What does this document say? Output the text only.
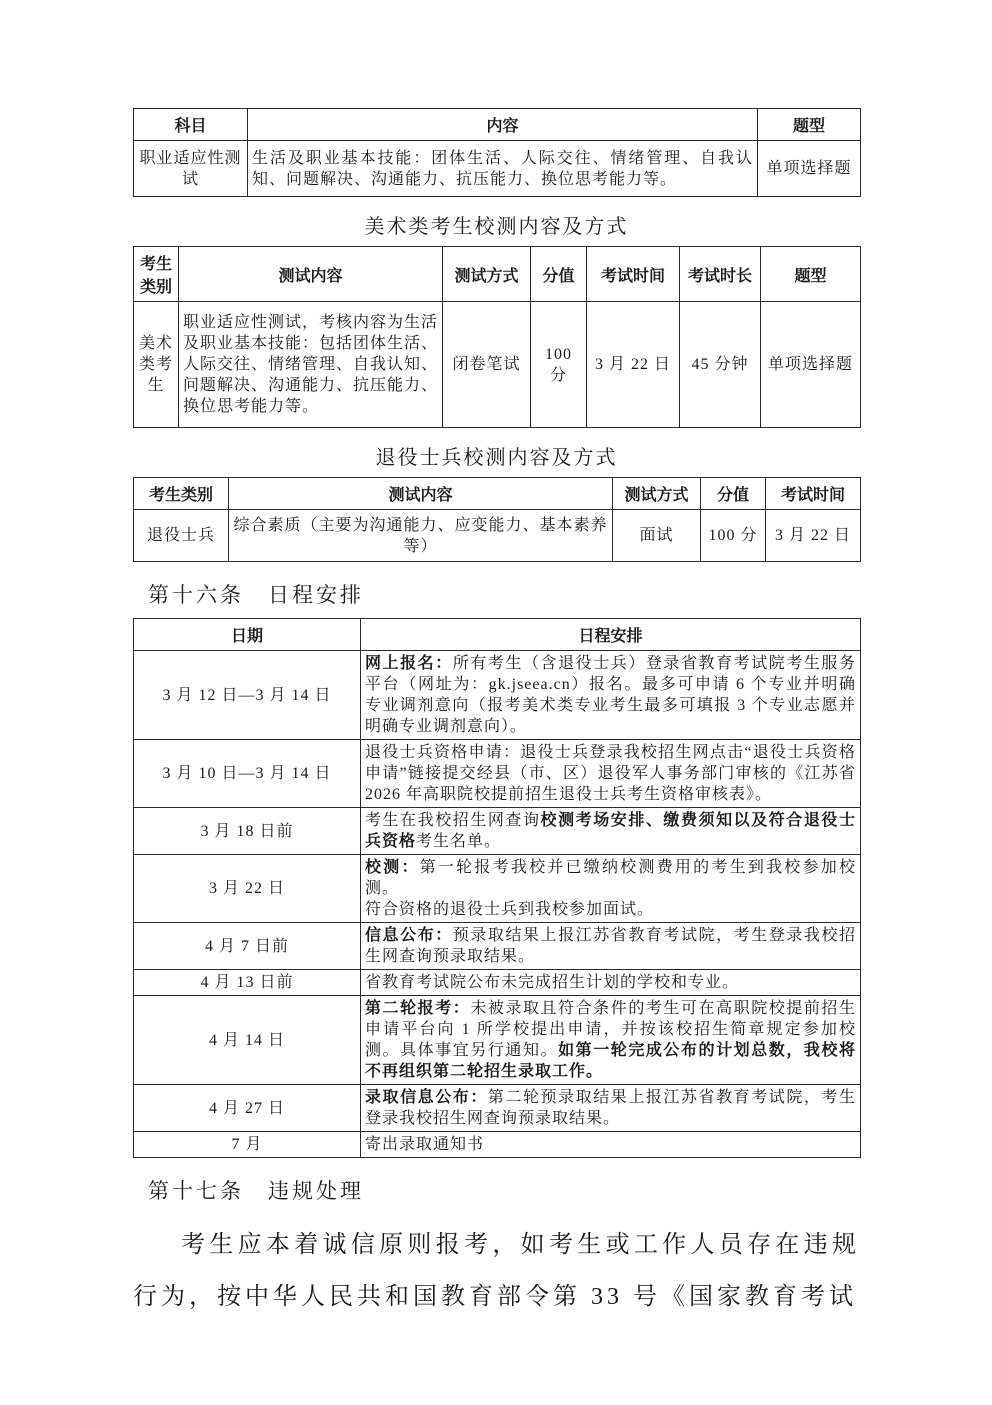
科目	内容	题型
职业适应性测试	生活及职业基本技能：团体生活、人际交往、情绪管理、自我认知、问题解决、沟通能力、抗压能力、换位思考能力等。	单项选择题
美术类考生校测内容及方式
考生类别	测试内容	测试方式	分值	考试时间	考试时长	题型
美术类考生	职业适应性测试，考核内容为生活及职业基本技能：包括团体生活、人际交往、情绪管理、自我认知、问题解决、沟通能力、抗压能力、换位思考能力等。	闭卷笔试	100 分	3 月 22 日	45 分钟	单项选择题
退役士兵校测内容及方式
考生类别	测试内容	测试方式	分值	考试时间
退役士兵	综合素质（主要为沟通能力、应变能力、基本素养等）	面试	100 分	3 月 22 日
第十六条　日程安排
日期	日程安排
3 月 12 日—3 月 14 日	网上报名：所有考生（含退役士兵）登录省教育考试院考生服务平台（网址为：gk.jseea.cn）报名。最多可申请 6 个专业并明确专业调剂意向（报考美术类专业考生最多可填报 3 个专业志愿并明确专业调剂意向）。
3 月 10 日—3 月 14 日	退役士兵资格申请：退役士兵登录我校招生网点击“退役士兵资格申请”链接提交经县（市、区）退役军人事务部门审核的《江苏省 2026 年高职院校提前招生退役士兵考生资格审核表》。
3 月 18 日前	考生在我校招生网查询校测考场安排、缴费须知以及符合退役士兵资格考生名单。
3 月 22 日	校测：第一轮报考我校并已缴纳校测费用的考生到我校参加校测。
符合资格的退役士兵到我校参加面试。
4 月 7 日前	信息公布：预录取结果上报江苏省教育考试院，考生登录我校招生网查询预录取结果。
4 月 13 日前	省教育考试院公布未完成招生计划的学校和专业。
4 月 14 日	第二轮报考：未被录取且符合条件的考生可在高职院校提前招生申请平台向 1 所学校提出申请，并按该校招生简章规定参加校测。具体事宜另行通知。如第一轮完成公布的计划总数，我校将不再组织第二轮招生录取工作。
4 月 27 日	录取信息公布：第二轮预录取结果上报江苏省教育考试院，考生登录我校招生网查询预录取结果。
7 月	寄出录取通知书
第十七条　违规处理

考生应本着诚信原则报考，如考生或工作人员存在违规行为，按中华人民共和国教育部令第 33 号《国家教育考试
